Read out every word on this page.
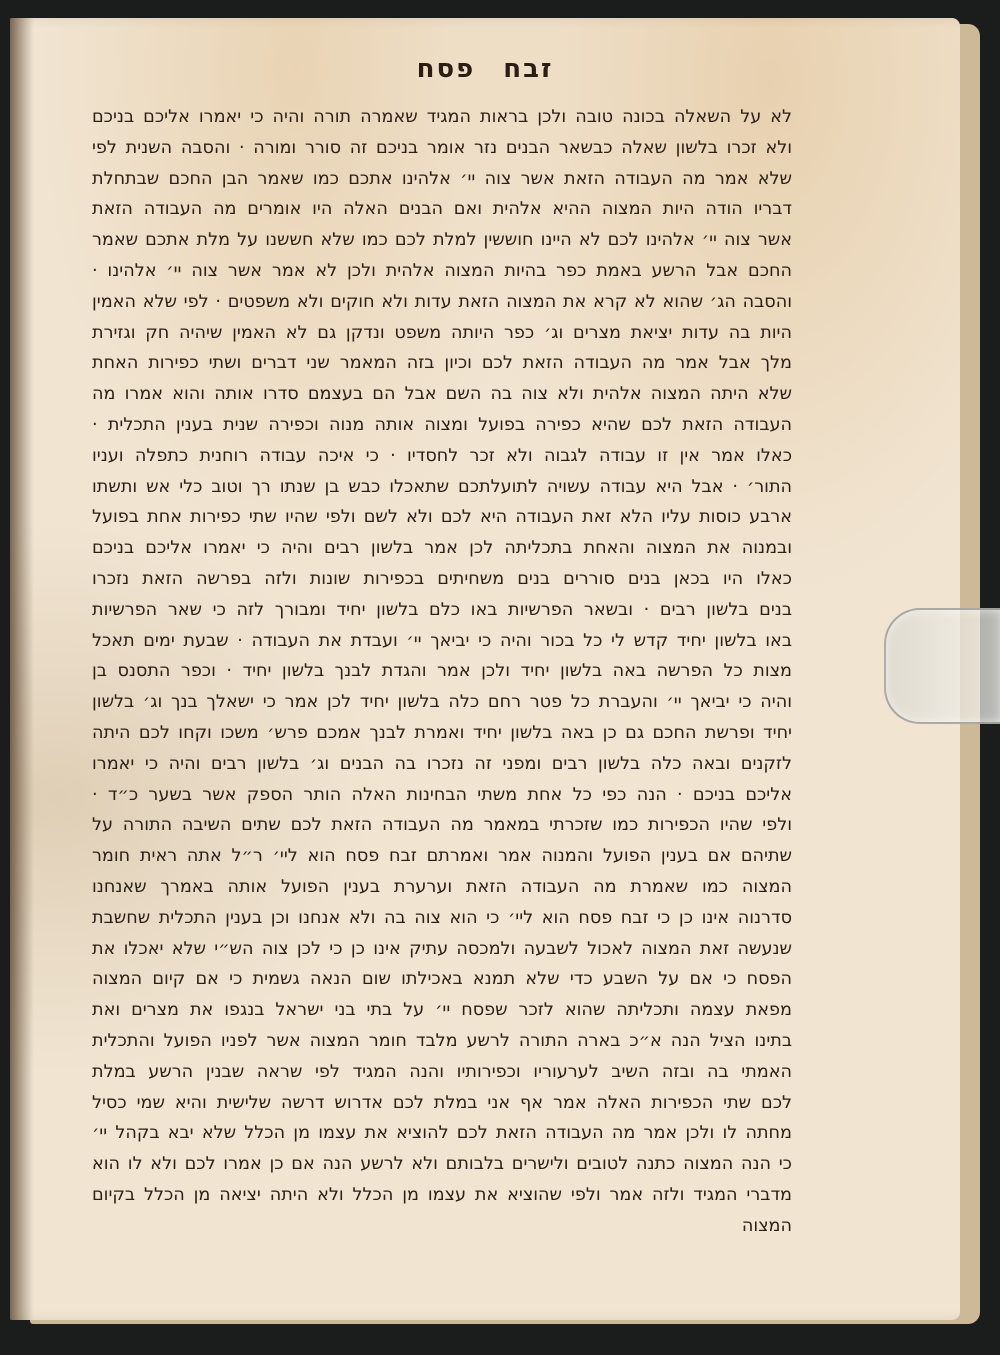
זבחפסח
לא על השאלה בכונה טובה ולכן בראות המגיד שאמרה תורה והיה כי יאמרו אליכם בניכם
ולא זכרו בלשון שאלה כבשאר הבנים נזר אומר בניכם זה סורר ומורה · והסבה השנית לפי
שלא אמר מה העבודה הזאת אשר צוה יי׳ אלהינו אתכם כמו שאמר הבן החכם שבתחלת
דבריו הודה היות המצוה ההיא אלהית ואם הבנים האלה היו אומרים מה העבודה הזאת
אשר צוה יי׳ אלהינו לכם לא היינו חוששין למלת לכם כמו שלא חששנו על מלת אתכם שאמר
החכם אבל הרשע באמת כפר בהיות המצוה אלהית ולכן לא אמר אשר צוה יי׳ אלהינו ·
והסבה הג׳ שהוא לא קרא את המצוה הזאת עדות ולא חוקים ולא משפטים · לפי שלא האמין
היות בה עדות יציאת מצרים וג׳ כפר היותה משפט ונדקן גם לא האמין שיהיה חק וגזירת
מלך אבל אמר מה העבודה הזאת לכם וכיון בזה המאמר שני דברים ושתי כפירות האחת
שלא היתה המצוה אלהית ולא צוה בה השם אבל הם בעצמם סדרו אותה והוא אמרו מה
העבודה הזאת לכם שהיא כפירה בפועל ומצוה אותה מנוה וכפירה שנית בענין התכלית ·
כאלו אמר אין זו עבודה לגבוה ולא זכר לחסדיו · כי איכה עבודה רוחנית כתפלה ועניו
התור׳ · אבל היא עבודה עשויה לתועלתכם שתאכלו כבש בן שנתו רך וטוב כלי אש ותשתו
ארבע כוסות עליו הלא זאת העבודה היא לכם ולא לשם ולפי שהיו שתי כפירות אחת בפועל
ובמנוה את המצוה והאחת בתכליתה לכן אמר בלשון רבים והיה כי יאמרו אליכם בניכם
כאלו היו בכאן בנים סוררים בנים משחיתים בכפירות שונות ולזה בפרשה הזאת נזכרו
בנים בלשון רבים · ובשאר הפרשיות באו כלם בלשון יחיד ומבורך לזה כי שאר הפרשיות
באו בלשון יחיד קדש לי כל בכור והיה כי יביאך יי׳ ועבדת את העבודה · שבעת ימים תאכל
מצות כל הפרשה באה בלשון יחיד ולכן אמר והגדת לבנך בלשון יחיד · וכפר התסנס בן
והיה כי יביאך יי׳ והעברת כל פטר רחם כלה בלשון יחיד לכן אמר כי ישאלך בנך וג׳ בלשון
יחיד ופרשת החכם גם כן באה בלשון יחיד ואמרת לבנך אמכם פרש׳ משכו וקחו לכם היתה
לזקנים ובאה כלה בלשון רבים ומפני זה נזכרו בה הבנים וג׳ בלשון רבים והיה כי יאמרו
אליכם בניכם · הנה כפי כל אחת משתי הבחינות האלה הותר הספק אשר בשער כ״ד ·
ולפי שהיו הכפירות כמו שזכרתי במאמר מה העבודה הזאת לכם שתים השיבה התורה על
שתיהם אם בענין הפועל והמנוה אמר ואמרתם זבח פסח הוא ליי׳ ר״ל אתה ראית חומר
המצוה כמו שאמרת מה העבודה הזאת וערערת בענין הפועל אותה באמרך שאנחנו
סדרנוה אינו כן כי זבח פסח הוא ליי׳ כי הוא צוה בה ולא אנחנו וכן בענין התכלית שחשבת
שנעשה זאת המצוה לאכול לשבעה ולמכסה עתיק אינו כן כי לכן צוה הש״י שלא יאכלו את
הפסח כי אם על השבע כדי שלא תמנא באכילתו שום הנאה גשמית כי אם קיום המצוה
מפאת עצמה ותכליתה שהוא לזכר שפסח יי׳ על בתי בני ישראל בנגפו את מצרים ואת
בתינו הציל הנה א״כ בארה התורה לרשע מלבד חומר המצוה אשר לפניו הפועל והתכלית
האמתי בה ובזה השיב לערעוריו וכפירותיו והנה המגיד לפי שראה שבנין הרשע במלת
לכם שתי הכפירות האלה אמר אף אני במלת לכם אדרוש דרשה שלישית והיא שמי כסיל
מחתה לו ולכן אמר מה העבודה הזאת לכם להוציא את עצמו מן הכלל שלא יבא בקהל יי׳
כי הנה המצוה כתנה לטובים ולישרים בלבותם ולא לרשע הנה אם כן אמרו לכם ולא לו הוא
מדברי המגיד ולזה אמר ולפי שהוציא את עצמו מן הכלל ולא היתה יציאה מן הכלל בקיום
המצוה
